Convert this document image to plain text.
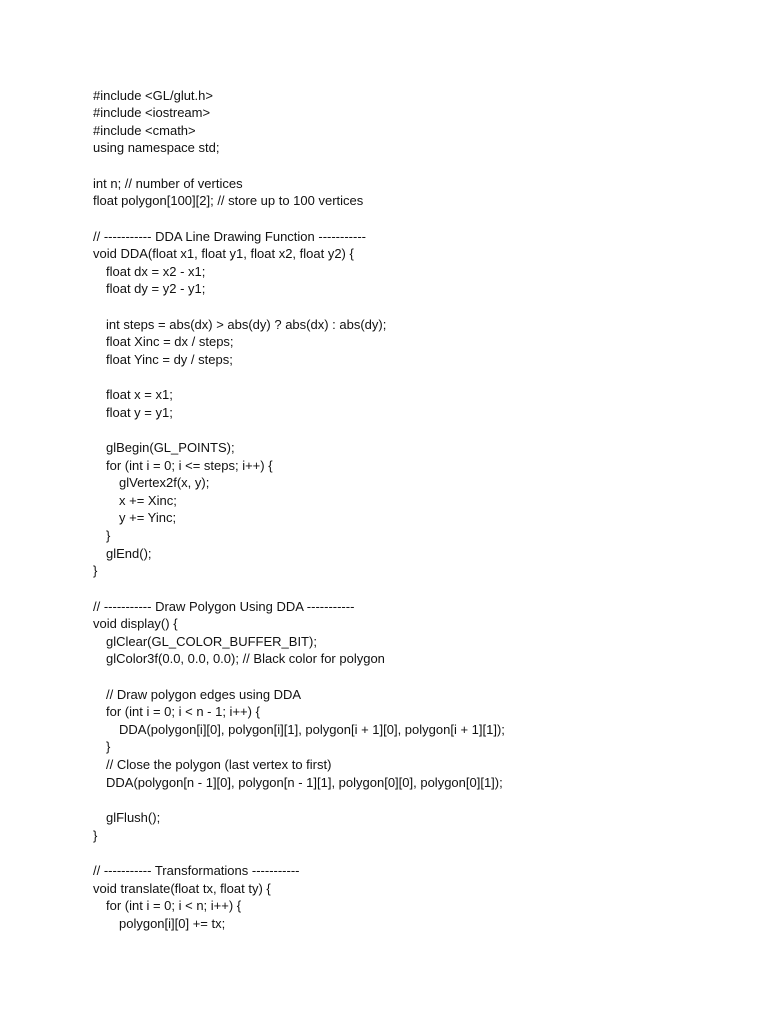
#include <GL/glut.h>

#include <iostream>

#include <cmath>

using namespace std;

int n; // number of vertices

float polygon[100][2]; // store up to 100 vertices

// ----------- DDA Line Drawing Function -----------

void DDA(float x1, float y1, float x2, float y2) {

float dx = x2 - x1;

float dy = y2 - y1;

int steps = abs(dx) > abs(dy) ? abs(dx) : abs(dy);

float Xinc = dx / steps;

float Yinc = dy / steps;

float x = x1;

float y = y1;

glBegin(GL_POINTS);

for (int i = 0; i <= steps; i++) {

glVertex2f(x, y);

x += Xinc;

y += Yinc;

}

glEnd();

}

// ----------- Draw Polygon Using DDA -----------

void display() {

glClear(GL_COLOR_BUFFER_BIT);

glColor3f(0.0, 0.0, 0.0); // Black color for polygon

// Draw polygon edges using DDA

for (int i = 0; i < n - 1; i++) {

DDA(polygon[i][0], polygon[i][1], polygon[i + 1][0], polygon[i + 1][1]);

}

// Close the polygon (last vertex to first)

DDA(polygon[n - 1][0], polygon[n - 1][1], polygon[0][0], polygon[0][1]);

glFlush();

}

// ----------- Transformations -----------

void translate(float tx, float ty) {

for (int i = 0; i < n; i++) {

polygon[i][0] += tx;
